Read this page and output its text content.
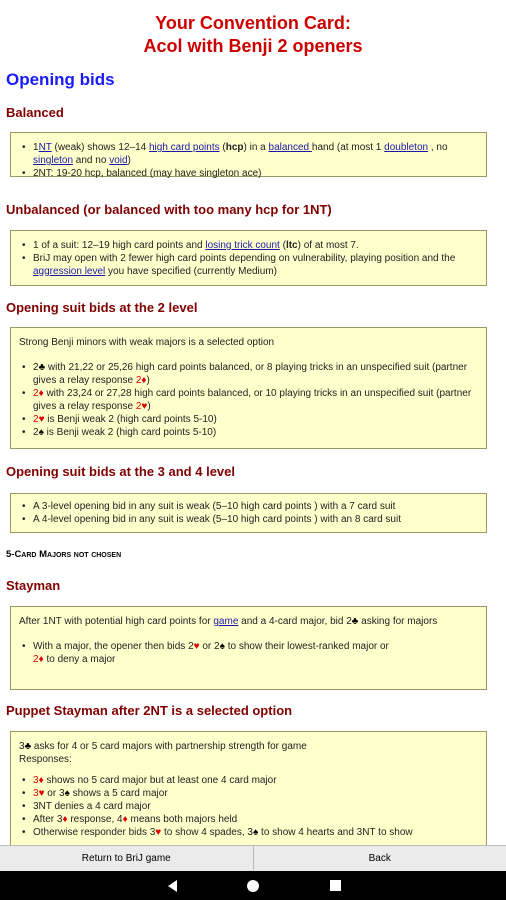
Your Convention Card:
Acol with Benji 2 openers
Opening bids
Balanced
• 1NT (weak) shows 12–14 high card points (hcp) in a balanced hand (at most 1 doubleton , no singleton and no void)
• 2NT: 19-20 hcp, balanced (may have singleton ace)
Unbalanced (or balanced with too many hcp for 1NT)
• 1 of a suit: 12–19 high card points and losing trick count (ltc) of at most 7.
• BriJ may open with 2 fewer high card points depending on vulnerability, playing position and the aggression level you have specified (currently Medium)
Opening suit bids at the 2 level

Strong Benji minors with weak majors is a selected option

• 2♣ with 21,22 or 25,26 high card points balanced, or 8 playing tricks in an unspecified suit (partner gives a relay response 2♦)
• 2♦ with 23,24 or 27,28 high card points balanced, or 10 playing tricks in an unspecified suit (partner gives a relay response 2♥)
• 2♥ is Benji weak 2 (high card points 5-10)
• 2♠ is Benji weak 2 (high card points 5-10)
Opening suit bids at the 3 and 4 level
• A 3-level opening bid in any suit is weak (5–10 high card points ) with a 7 card suit
• A 4-level opening bid in any suit is weak (5–10 high card points ) with an 8 card suit
5-Card Majors not chosen
Stayman

After 1NT with potential high card points for game and a 4-card major, bid 2♣ asking for majors

• With a major, the opener then bids 2♥ or 2♠ to show their lowest-ranked major or
2♦ to deny a major
Puppet Stayman after 2NT is a selected option

3♣ asks for 4 or 5 card majors with partnership strength for game

Responses:

• 3♦ shows no 5 card major but at least one 4 card major
• 3♥ or 3♠ shows a 5 card major
• 3NT denies a 4 card major
• After 3♦ response, 4♦ means both majors held
• Otherwise responder bids 3♥ to show 4 spades, 3♠ to show 4 hearts and 3NT to show
Return to BriJ game	Back
